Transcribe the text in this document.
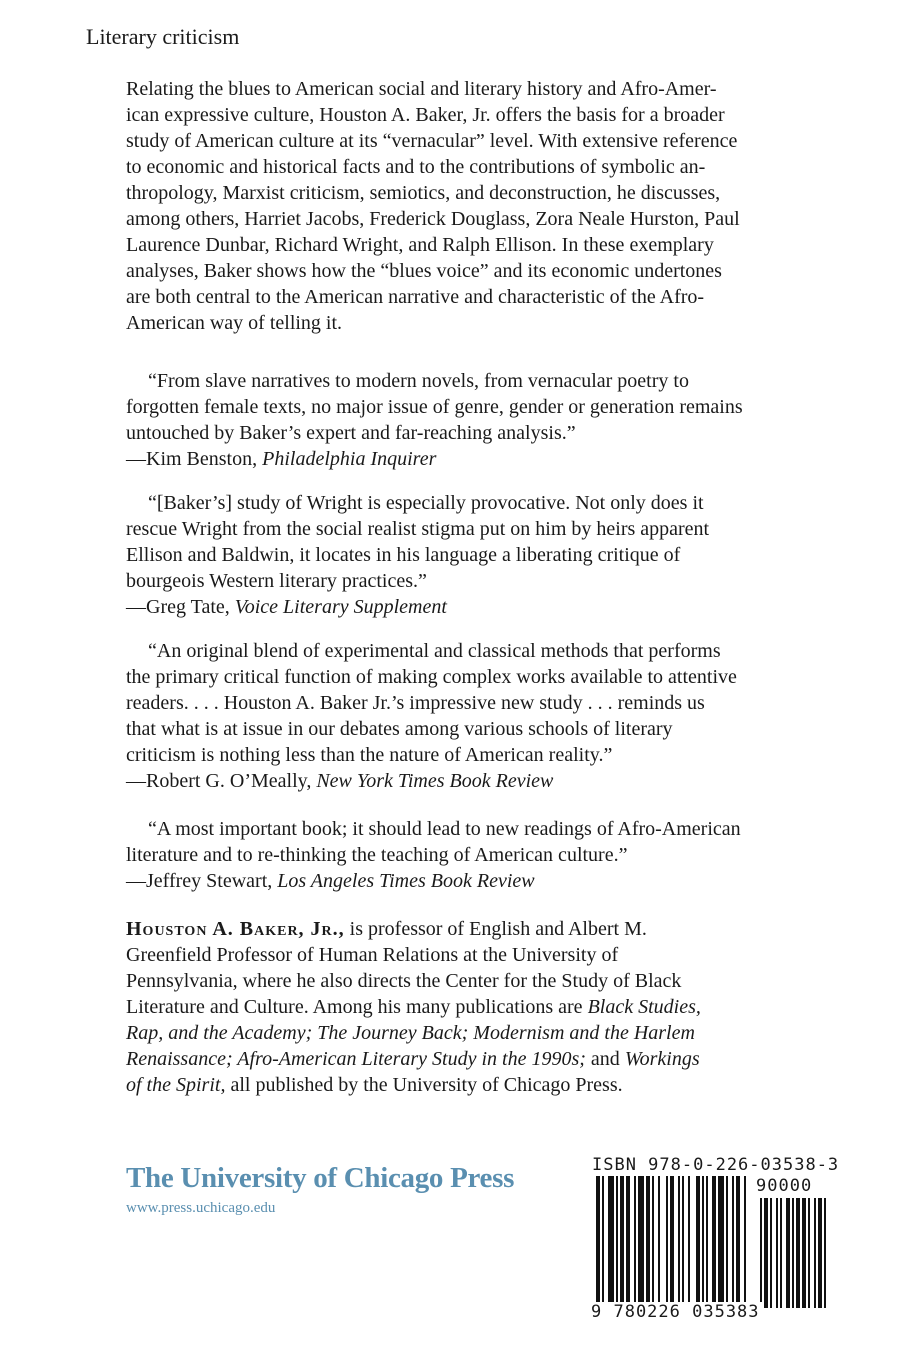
Literary criticism
Relating the blues to American social and literary history and Afro-Amer-
ican expressive culture, Houston A. Baker, Jr. offers the basis for a broader
study of American culture at its “vernacular” level. With extensive reference
to economic and historical facts and to the contributions of symbolic an-
thropology, Marxist criticism, semiotics, and deconstruction, he discusses,
among others, Harriet Jacobs, Frederick Douglass, Zora Neale Hurston, Paul
Laurence Dunbar, Richard Wright, and Ralph Ellison. In these exemplary
analyses, Baker shows how the “blues voice” and its economic undertones
are both central to the American narrative and characteristic of the Afro-
American way of telling it.
“From slave narratives to modern novels, from vernacular poetry to
forgotten female texts, no major issue of genre, gender or generation remains
untouched by Baker’s expert and far-reaching analysis.”
—Kim Benston, Philadelphia Inquirer
“[Baker’s] study of Wright is especially provocative. Not only does it
rescue Wright from the social realist stigma put on him by heirs apparent
Ellison and Baldwin, it locates in his language a liberating critique of
bourgeois Western literary practices.”
—Greg Tate, Voice Literary Supplement
“An original blend of experimental and classical methods that performs
the primary critical function of making complex works available to attentive
readers. . . . Houston A. Baker Jr.’s impressive new study . . . reminds us
that what is at issue in our debates among various schools of literary
criticism is nothing less than the nature of American reality.”
—Robert G. O’Meally, New York Times Book Review
“A most important book; it should lead to new readings of Afro-American
literature and to re-thinking the teaching of American culture.”
—Jeffrey Stewart, Los Angeles Times Book Review
Houston A. Baker, Jr., is professor of English and Albert M.
Greenfield Professor of Human Relations at the University of
Pennsylvania, where he also directs the Center for the Study of Black
Literature and Culture. Among his many publications are Black Studies,
Rap, and the Academy; The Journey Back; Modernism and the Harlem
Renaissance; Afro-American Literary Study in the 1990s; and Workings
of the Spirit, all published by the University of Chicago Press.
The University of Chicago Press
www.press.uchicago.edu
ISBN 978-0-226-03538-3
90000
9 780226 035383
